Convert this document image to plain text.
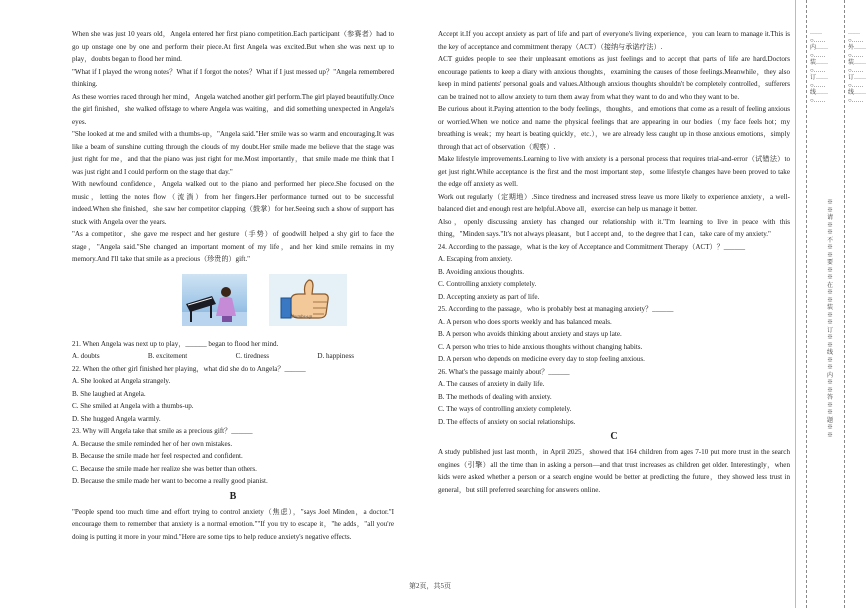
When she was just 10 years old，Angela entered her first piano competition.Each participant（参赛者）had to go up onstage one by one and perform their piece.At first Angela was excited.But when she was next up to play，doubts began to flood her mind.

"What if I played the wrong notes？What if I forgot the notes？What if I just messed up？"Angela remembered thinking.

As these worries raced through her mind，Angela watched another girl perform.The girl played beautifully.Once the girl finished，she walked offstage to where Angela was waiting，and did something unexpected in Angela's eyes.

"She looked at me and smiled with a thumbs-up，"Angela said."Her smile was so warm and encouraging.It was like a beam of sunshine cutting through the clouds of my doubt.Her smile made me believe that the stage was just right for me，and that the piano was just right for me.Most importantly，that smile made me think that I was just right and I could perform on the stage that day."

With newfound confidence，Angela walked out to the piano and performed her piece.She focused on the music，letting the notes flow（流淌）from her fingers.Her performance turned out to be successful indeed.When she finished，she saw her competitor clapping（鼓掌）for her.Seeing such a show of support has stuck with Angela over the years.

"As a competitor，she gave me respect and her gesture（手势）of goodwill helped a shy girl to face the stage，"Angela said."She changed an important moment of my life，and her kind smile remains in my memory.And I'll take that smile as a precious（珍贵的）gift."

thumbs-up

21. When Angela was next up to play，______ began to flood her mind.

A. doubts	B. excitement	C. tiredness	D. happiness

22. When the other girl finished her playing，what did she do to Angela？______

A. She looked at Angela strangely.

B. She laughed at Angela.

C. She smiled at Angela with a thumbs-up.

D. She hugged Angela warmly.

23. Why will Angela take that smile as a precious gift？______

A. Because the smile reminded her of her own mistakes.

B. Because the smile made her feel respected and confident.

C. Because the smile made her realize she was better than others.

D. Because the smile made her want to become a really good pianist.

B

"People spend too much time and effort trying to control anxiety（焦虑），"says Joel Minden，a doctor."I encourage them to remember that anxiety is a normal emotion.""If you try to escape it，"he adds，"all you're doing is putting it more in your mind."Here are some tips to help reduce anxiety's negative effects.

Accept it.If you accept anxiety as part of life and part of everyone's living experience，you can learn to manage it.This is the key of acceptance and commitment therapy（ACT）（接纳与承诺疗法）.

ACT guides people to see their unpleasant emotions as just feelings and to accept that parts of life are hard.Doctors encourage patients to keep a diary with anxious thoughts，examining the causes of those feelings.Meanwhile，they also keep in mind patients' personal goals and values.Although anxious thoughts shouldn't be completely controlled，sufferers can be trained not to allow anxiety to turn them away from what they want to do and who they want to be.

Be curious about it.Paying attention to the body feelings，thoughts，and emotions that come as a result of feeling anxious or worried.When we notice and name the physical feelings that are appearing in our bodies（my face feels hot；my breathing is weak；my heart is beating quickly，etc.），we are already less caught up in those anxious emotions，simply through that act of observation（观察）.

Make lifestyle improvements.Learning to live with anxiety is a personal process that requires trial-and-error（试错法）to get just right.While acceptance is the first and the most important step，some lifestyle changes have been proved to take the edge off anxiety as well.

Work out regularly（定期地）.Since tiredness and increased stress leave us more likely to experience anxiety，a well-balanced diet and enough rest are helpful.Above all，exercise can help us manage it better.

Also，openly discussing anxiety has changed our relationship with it."I'm learning to live in peace with this thing，"Minden says."It's not always pleasant，but I accept and，to the degree that I can，take care of my anxiety."

24. According to the passage，what is the key of Acceptance and Commitment Therapy（ACT）？______

A. Escaping from anxiety.

B. Avoiding anxious thoughts.

C. Controlling anxiety completely.

D. Accepting anxiety as part of life.

25. According to the passage，who is probably best at managing anxiety？______

A. A person who does sports weekly and has balanced meals.

B. A person who avoids thinking about anxiety and stays up late.

C. A person who tries to hide anxious thoughts without changing habits.

D. A person who depends on medicine every day to stop feeling anxious.

26. What's the passage mainly about？______

A. The causes of anxiety in daily life.

B. The methods of dealing with anxiety.

C. The ways of controlling anxiety completely.

D. The effects of anxiety on social relationships.

C

A study published just last month，in April 2025，showed that 164 children from ages 7-10 put more trust in the search engines（引擎）all the time than in asking a person—and that trust increases as children get older. Interestingly，when kids were asked whether a person or a search engine would be better at predicting the future，they showed less trust in general，but still preferred searching for answers online.

第2页，共5页
……○……内……○……装……○……订……○……线……○……
※※请※※不※※要※※在※※装※※订※※线※※内※※答※※题※※
……○……外……○……装……○……订……○……线……○……
